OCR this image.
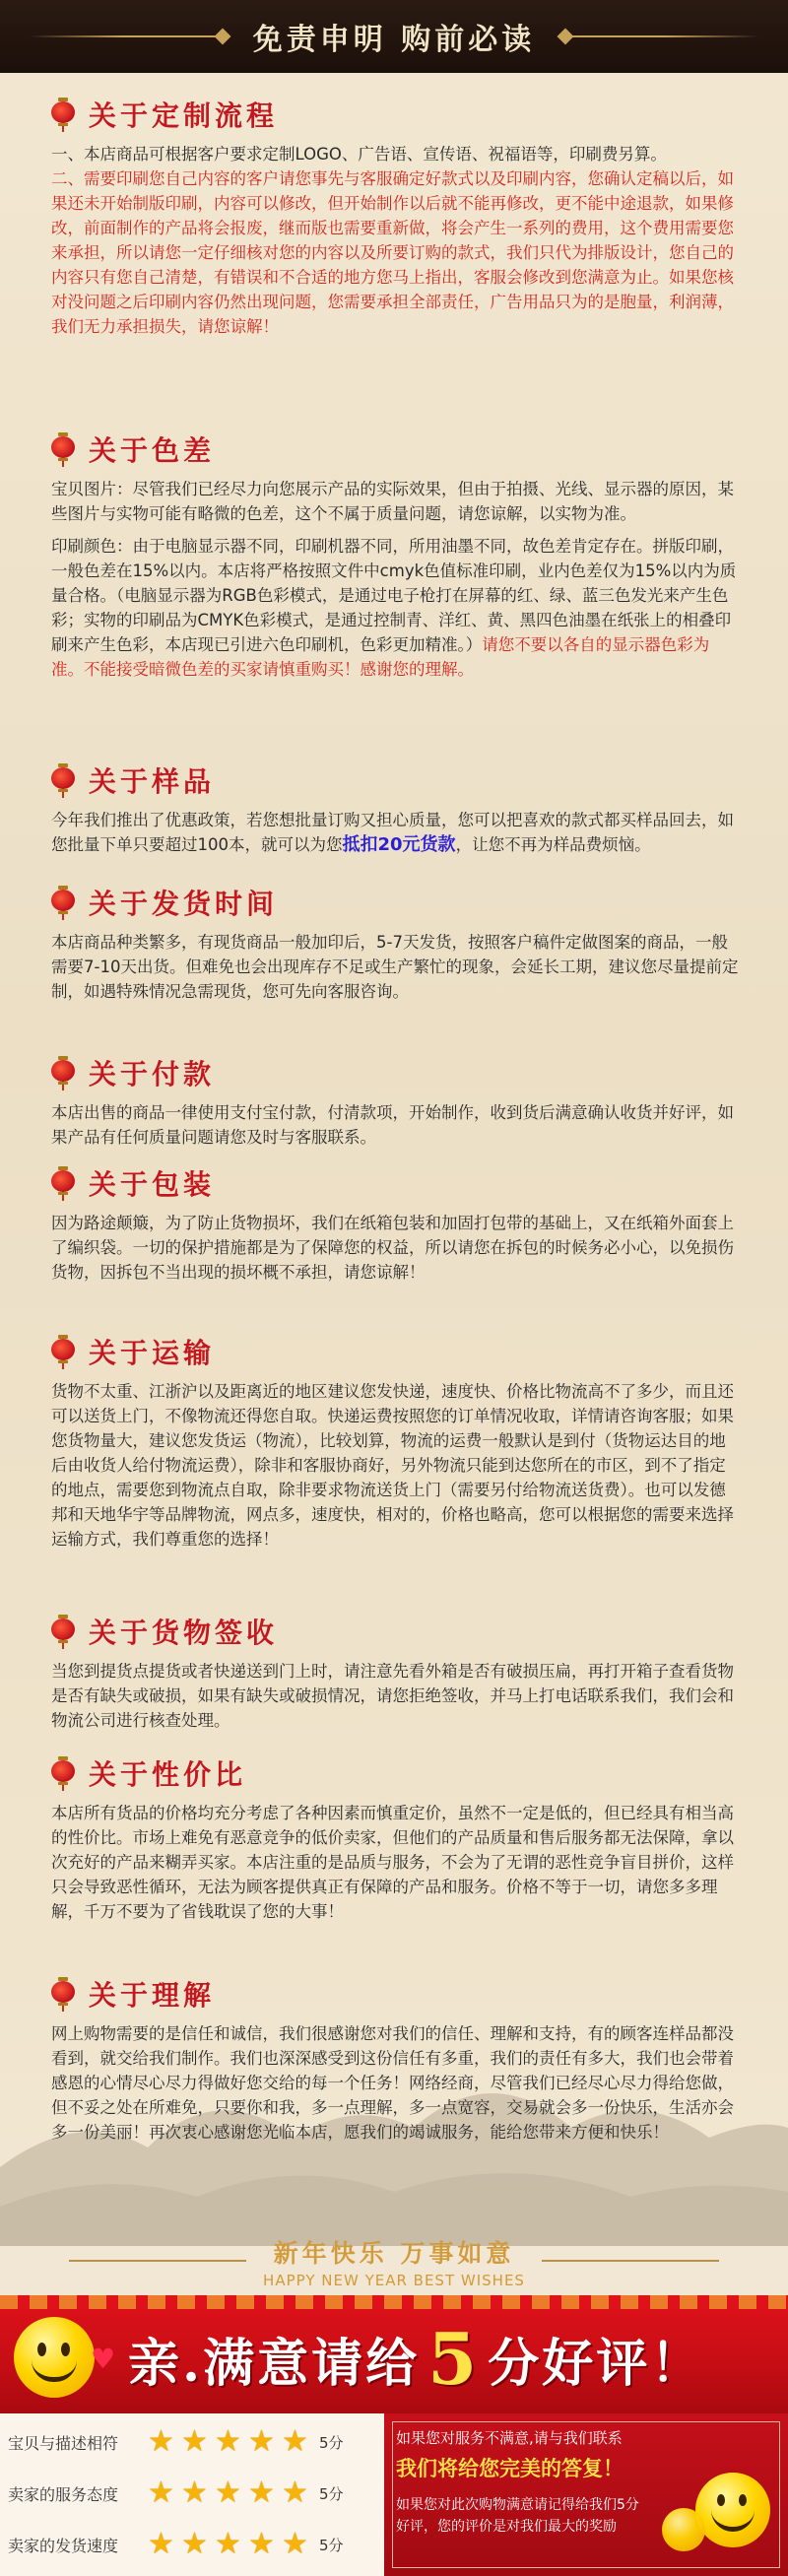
免责申明 购前必读
关于定制流程
一、本店商品可根据客户要求定制LOGO、广告语、宣传语、祝福语等，印刷费另算。
二、需要印刷您自己内容的客户请您事先与客服确定好款式以及印刷内容，您确认定稿以后，如果还未开始制版印刷，内容可以修改，但开始制作以后就不能再修改，更不能中途退款，如果修改，前面制作的产品将会报废，继而版也需要重新做，将会产生一系列的费用，这个费用需要您来承担，所以请您一定仔细核对您的内容以及所要订购的款式，我们只代为排版设计，您自己的内容只有您自己清楚，有错误和不合适的地方您马上指出，客服会修改到您满意为止。如果您核对没问题之后印刷内容仍然出现问题，您需要承担全部责任，广告用品只为的是胞量，利润薄，我们无力承担损失，请您谅解！
关于色差
宝贝图片：尽管我们已经尽力向您展示产品的实际效果，但由于拍摄、光线、显示器的原因，某些图片与实物可能有略微的色差，这个不属于质量问题，请您谅解，以实物为准。
印刷颜色：由于电脑显示器不同，印刷机器不同，所用油墨不同，故色差肯定存在。拼版印刷，一般色差在15%以内。本店将严格按照文件中cmyk色值标准印刷，业内色差仅为15%以内为质量合格。（电脑显示器为RGB色彩模式，是通过电子枪打在屏幕的红、绿、蓝三色发光来产生色彩；实物的印刷品为CMYK色彩模式，是通过控制青、洋红、黄、黑四色油墨在纸张上的相叠印刷来产生色彩，本店现已引进六色印刷机，色彩更加精准。）请您不要以各自的显示器色彩为准。不能接受暗微色差的买家请慎重购买！感谢您的理解。
关于样品
今年我们推出了优惠政策，若您想批量订购又担心质量，您可以把喜欢的款式都买样品回去，如您批量下单只要超过100本，就可以为您抵扣20元货款，让您不再为样品费烦恼。
关于发货时间
本店商品种类繁多，有现货商品一般加印后，5-7天发货，按照客户稿件定做图案的商品，一般需要7-10天出货。但难免也会出现库存不足或生产繁忙的现象，会延长工期，建议您尽量提前定制，如遇特殊情况急需现货，您可先向客服咨询。
关于付款
本店出售的商品一律使用支付宝付款，付清款项，开始制作，收到货后满意确认收货并好评，如果产品有任何质量问题请您及时与客服联系。
关于包装
因为路途颠簸，为了防止货物损坏，我们在纸箱包装和加固打包带的基础上，又在纸箱外面套上了编织袋。一切的保护措施都是为了保障您的权益，所以请您在拆包的时候务必小心，以免损伤货物，因拆包不当出现的损坏概不承担，请您谅解！
关于运输
货物不太重、江浙沪以及距离近的地区建议您发快递，速度快、价格比物流高不了多少，而且还可以送货上门，不像物流还得您自取。快递运费按照您的订单情况收取，详情请咨询客服；如果您货物量大，建议您发货运（物流），比较划算，物流的运费一般默认是到付（货物运达目的地后由收货人给付物流运费），除非和客服协商好，另外物流只能到达您所在的市区，到不了指定的地点，需要您到物流点自取，除非要求物流送货上门（需要另付给物流送货费）。也可以发德邦和天地华宇等品牌物流，网点多，速度快，相对的，价格也略高，您可以根据您的需要来选择运输方式，我们尊重您的选择！
关于货物签收
当您到提货点提货或者快递送到门上时，请注意先看外箱是否有破损压扁，再打开箱子查看货物是否有缺失或破损，如果有缺失或破损情况，请您拒绝签收，并马上打电话联系我们，我们会和物流公司进行核查处理。
关于性价比
本店所有货品的价格均充分考虑了各种因素而慎重定价，虽然不一定是低的，但已经具有相当高的性价比。市场上难免有恶意竞争的低价卖家，但他们的产品质量和售后服务都无法保障，拿以次充好的产品来糊弄买家。本店注重的是品质与服务，不会为了无谓的恶性竞争盲目拼价，这样只会导致恶性循环，无法为顾客提供真正有保障的产品和服务。价格不等于一切，请您多多理解，千万不要为了省钱耽误了您的大事！
关于理解
网上购物需要的是信任和诚信，我们很感谢您对我们的信任、理解和支持，有的顾客连样品都没看到，就交给我们制作。我们也深深感受到这份信任有多重，我们的责任有多大，我们也会带着感恩的心情尽心尽力得做好您交给的每一个任务！网络经商，尽管我们已经尽心尽力得给您做，但不妥之处在所难免，只要你和我，多一点理解，多一点宽容，交易就会多一份快乐，生活亦会多一份美丽！再次衷心感谢您光临本店，愿我们的竭诚服务，能给您带来方便和快乐！
新年快乐 万事如意
HAPPY NEW YEAR BEST WISHES
♥ 亲.满意请给 5 分好评！
宝贝与描述相符 ★ ★ ★ ★ ★ 5分
卖家的服务态度 ★ ★ ★ ★ ★ 5分
卖家的发货速度 ★ ★ ★ ★ ★ 5分
如果您对服务不满意,请与我们联系
我们将给您完美的答复！
如果您对此次购物满意请记得给我们5分好评，您的评价是对我们最大的奖励
